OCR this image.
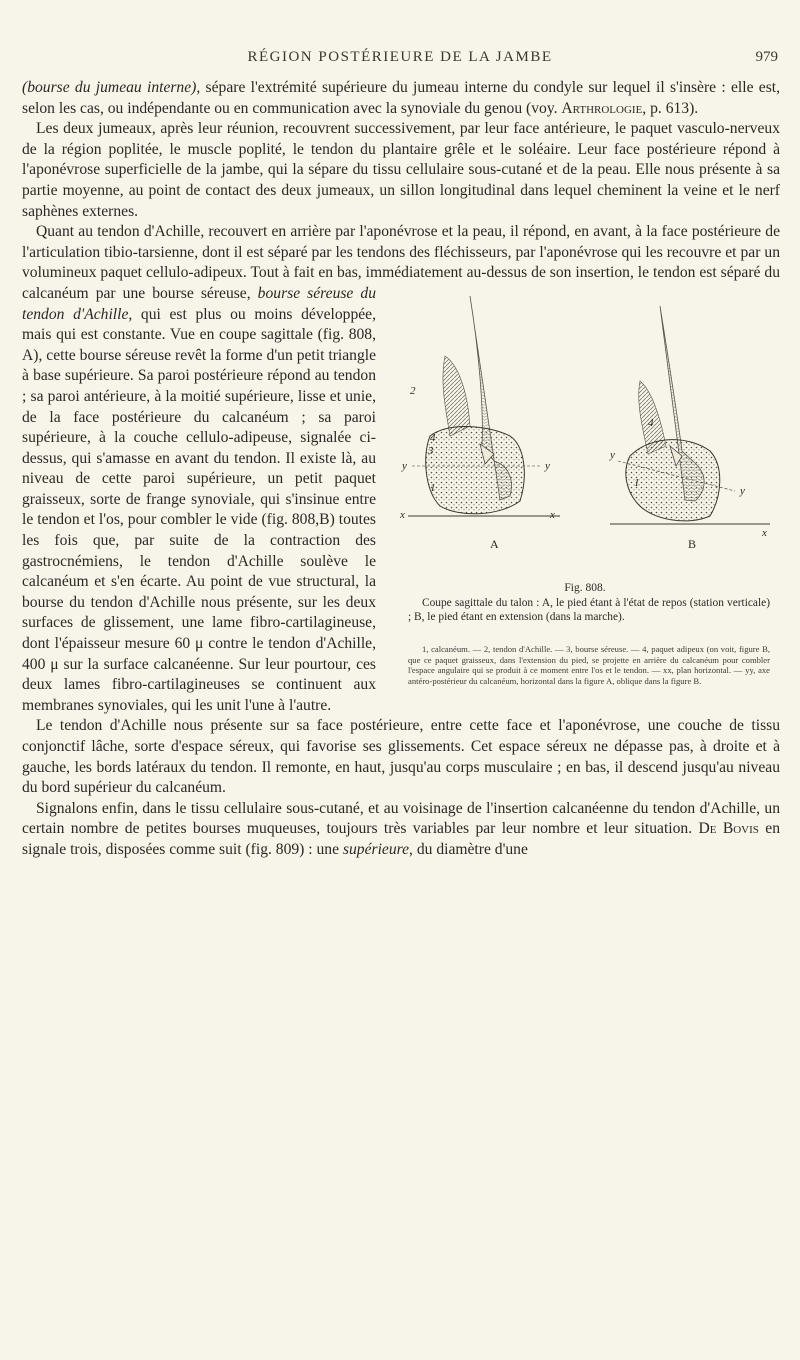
RÉGION POSTÉRIEURE DE LA JAMBE	979

(bourse du jumeau interne), sépare l'extrémité supérieure du jumeau interne du condyle sur lequel il s'insère : elle est, selon les cas, ou indépendante ou en communication avec la synoviale du genou (voy. Arthrologie, p. 613).

Les deux jumeaux, après leur réunion, recouvrent successivement, par leur face antérieure, le paquet vasculo-nerveux de la région poplitée, le muscle poplité, le tendon du plantaire grêle et le soléaire. Leur face postérieure répond à l'aponévrose superficielle de la jambe, qui la sépare du tissu cellulaire sous-cutané et de la peau. Elle nous présente à sa partie moyenne, au point de contact des deux jumeaux, un sillon longitudinal dans lequel cheminent la veine et le nerf saphènes externes.

Quant au tendon d'Achille, recouvert en arrière par l'aponévrose et la peau, il répond, en avant, à la face postérieure de l'articulation tibio-tarsienne, dont il est séparé par les tendons des fléchisseurs, par l'aponévrose qui les recouvre et par un volumineux paquet cellulo-adipeux. Tout à fait en bas, immédiatement au-dessus de son insertion, le tendon est séparé du calcanéum par une bourse séreuse,
2
4
3
y	y
1
x	x
A
4
y
y
1
x
B
Fig. 808.
Coupe sagittale du talon : A, le pied étant à l'état de repos (station verticale) ; B, le pied étant en extension (dans la marche).
1, calcanéum. — 2, tendon d'Achille. — 3, bourse séreuse. — 4, paquet adipeux (on voit, figure B, que ce paquet graisseux, dans l'extension du pied, se projette en arrière du calcanéum pour combler l'espace angulaire qui se produit à ce moment entre l'os et le tendon. — xx, plan horizontal. — yy, axe antéro-postérieur du calcanéum, horizontal dans la figure A, oblique dans la figure B.
bourse séreuse du tendon d'Achille, qui est plus ou moins développée, mais qui est constante. Vue en coupe sagittale (fig. 808, A), cette bourse séreuse revêt la forme d'un petit triangle à base supérieure. Sa paroi postérieure répond au tendon ; sa paroi antérieure, à la moitié supérieure, lisse et unie, de la face postérieure du calcanéum ; sa paroi supérieure, à la couche cellulo-adipeuse, signalée ci-dessus, qui s'amasse en avant du tendon. Il existe là, au niveau de cette paroi supérieure, un petit paquet graisseux, sorte de frange synoviale, qui s'insinue entre le tendon et l'os, pour combler le vide (fig. 808,B) toutes les fois que, par suite de la contraction des gastrocnémiens, le tendon d'Achille soulève le calcanéum et s'en écarte. Au point de vue structural, la bourse du tendon d'Achille nous présente, sur les deux surfaces de glissement, une lame fibro-cartilagineuse, dont l'épaisseur mesure 60 μ contre le tendon d'Achille, 400 μ sur la surface calcanéenne. Sur leur pourtour, ces deux lames fibro-cartilagineuses se continuent aux membranes synoviales, qui les unit l'une à l'autre.

Le tendon d'Achille nous présente sur sa face postérieure, entre cette face et l'aponévrose, une couche de tissu conjonctif lâche, sorte d'espace séreux, qui favorise ses glissements. Cet espace séreux ne dépasse pas, à droite et à gauche, les bords latéraux du tendon. Il remonte, en haut, jusqu'au corps musculaire ; en bas, il descend jusqu'au niveau du bord supérieur du calcanéum.

Signalons enfin, dans le tissu cellulaire sous-cutané, et au voisinage de l'insertion calcanéenne du tendon d'Achille, un certain nombre de petites bourses muqueuses, toujours très variables par leur nombre et leur situation. De Bovis en signale trois, disposées comme suit (fig. 809) : une supérieure, du diamètre d'une
